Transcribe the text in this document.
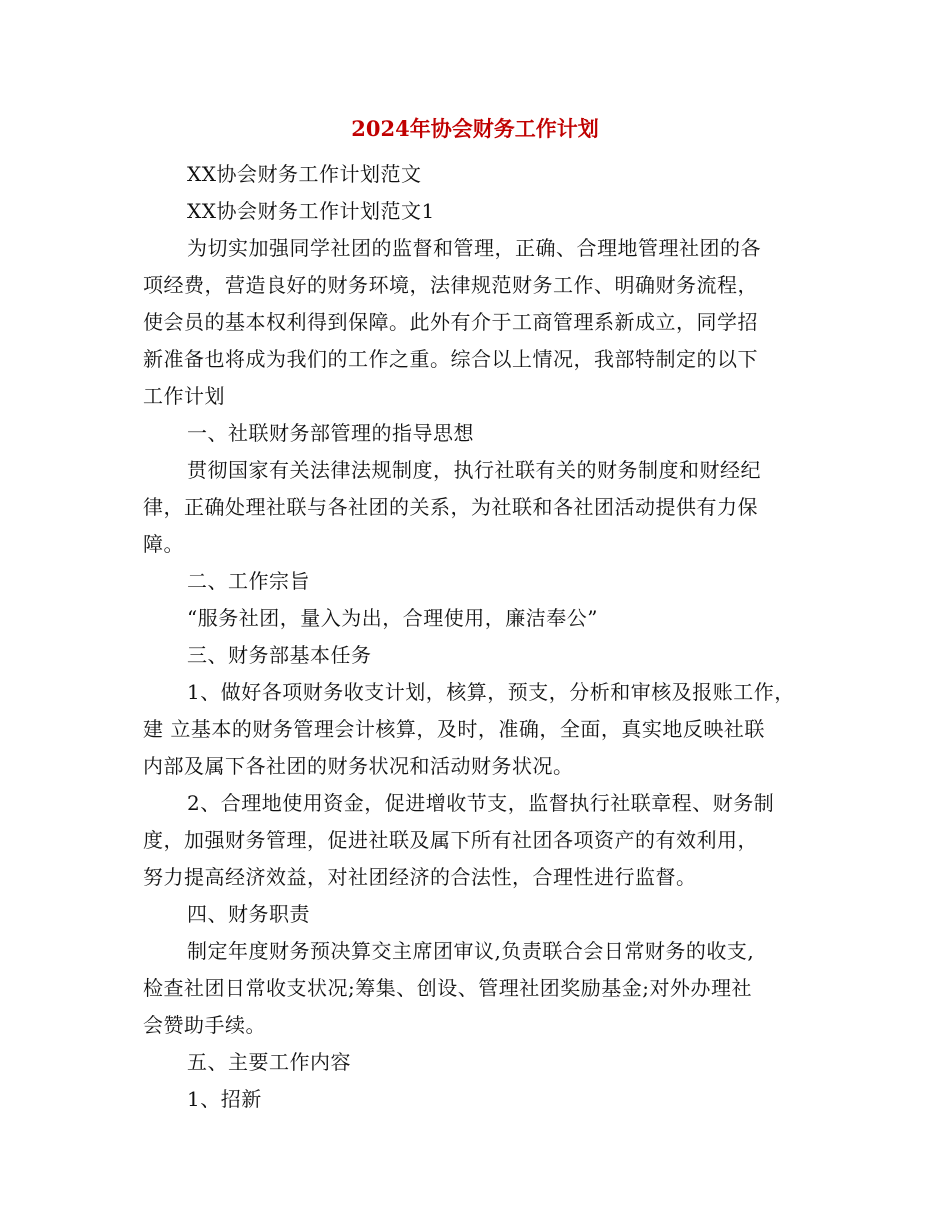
2024年协会财务工作计划
XX协会财务工作计划范文
XX协会财务工作计划范文1
为切实加强同学社团的监督和管理，正确、合理地管理社团的各
项经费，营造良好的财务环境，法律规范财务工作、明确财务流程，
使会员的基本权利得到保障。此外有介于工商管理系新成立，同学招
新准备也将成为我们的工作之重。综合以上情况，我部特制定的以下
工作计划
一、社联财务部管理的指导思想
贯彻国家有关法律法规制度，执行社联有关的财务制度和财经纪
律，正确处理社联与各社团的关系，为社联和各社团活动提供有力保
障。
二、工作宗旨
“服务社团，量入为出，合理使用，廉洁奉公”
三、财务部基本任务
1、做好各项财务收支计划，核算，预支，分析和审核及报账工作，
建 立基本的财务管理会计核算，及时，准确，全面，真实地反映社联
内部及属下各社团的财务状况和活动财务状况。
2、合理地使用资金，促进增收节支，监督执行社联章程、财务制
度，加强财务管理，促进社联及属下所有社团各项资产的有效利用，
努力提高经济效益，对社团经济的合法性，合理性进行监督。
四、财务职责
制定年度财务预决算交主席团审议,负责联合会日常财务的收支,
检查社团日常收支状况;筹集、创设、管理社团奖励基金;对外办理社
会赞助手续。
五、主要工作内容
1、招新
